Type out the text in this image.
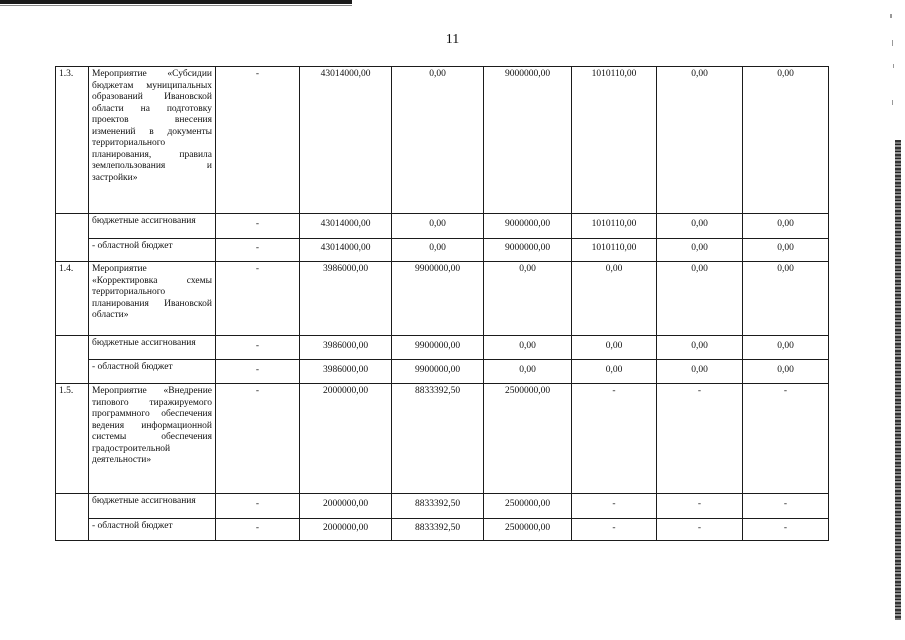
11
1.3.	Мероприятие «Субсидии бюджетам муниципальных образований Ивановской области на подготовку проектов внесения изменений в документы территориального планирования, правила землепользования и застройки»	-	43014000,00	0,00	9000000,00	1010110,00	0,00	0,00
	бюджетные ассигнования	-	43014000,00	0,00	9000000,00	1010110,00	0,00	0,00
	- областной бюджет	-	43014000,00	0,00	9000000,00	1010110,00	0,00	0,00
1.4.	Мероприятие «Корректировка схемы территориального планирования Ивановской области»	-	3986000,00	9900000,00	0,00	0,00	0,00	0,00
	бюджетные ассигнования	-	3986000,00	9900000,00	0,00	0,00	0,00	0,00
	- областной бюджет	-	3986000,00	9900000,00	0,00	0,00	0,00	0,00
1.5.	Мероприятие «Внедрение типового тиражируемого программного обеспечения ведения информационной системы обеспечения градостроительной деятельности»	-	2000000,00	8833392,50	2500000,00	-	-	-
	бюджетные ассигнования	-	2000000,00	8833392,50	2500000,00	-	-	-
	- областной бюджет	-	2000000,00	8833392,50	2500000,00	-	-	-
